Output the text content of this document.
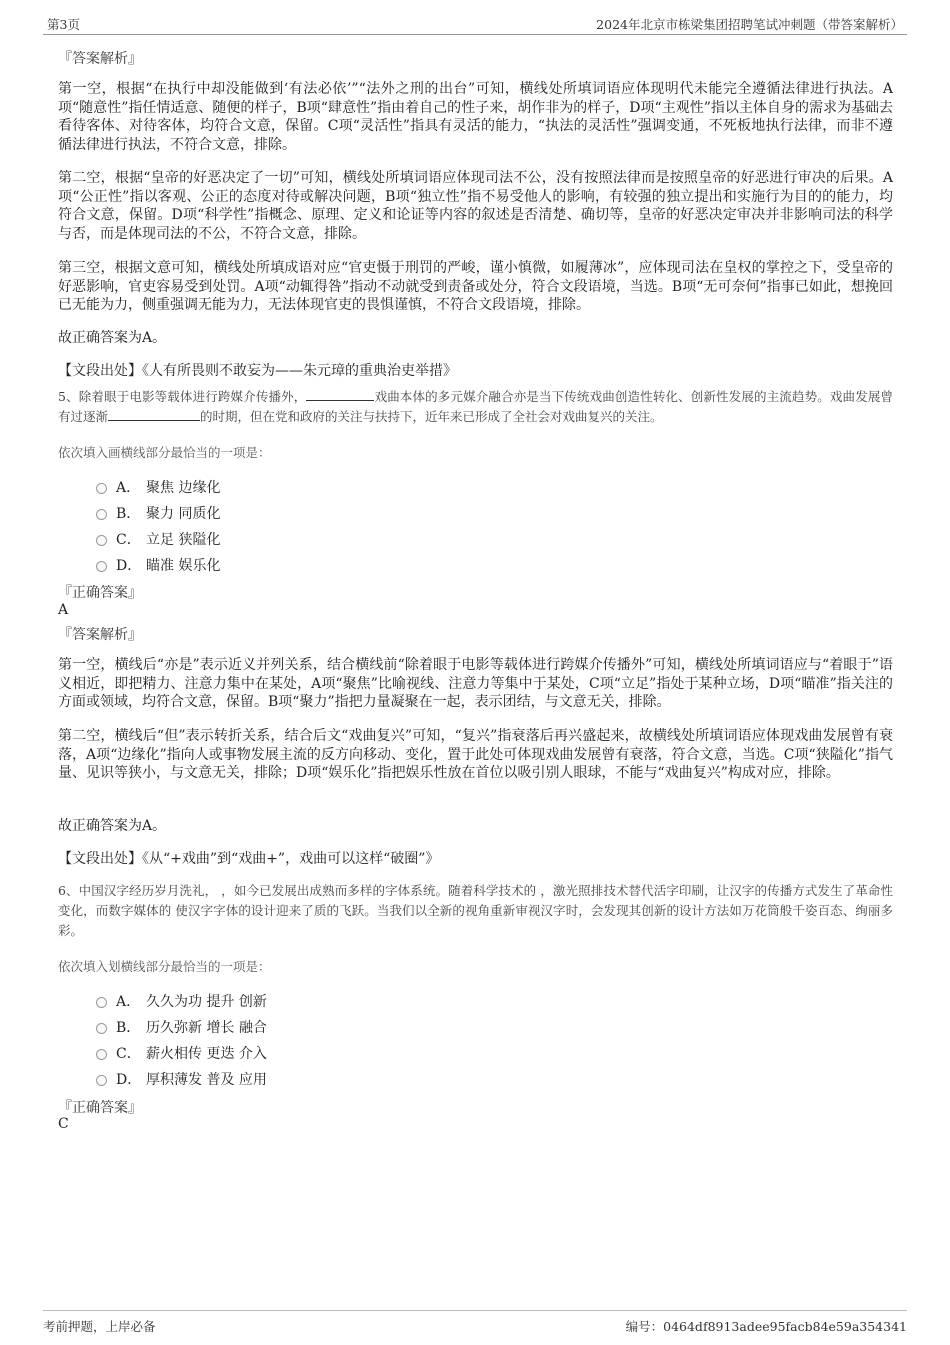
第3页	2024年北京市栋梁集团招聘笔试冲刺题（带答案解析）
『答案解析』
第一空，根据“在执行中却没能做到‘有法必依’”“法外之刑的出台”可知，横线处所填词语应体现明代未能完全遵循法律进行执法。A项“随意性”指任情适意、随便的样子，B项“肆意性”指由着自己的性子来，胡作非为的样子，D项“主观性”指以主体自身的需求为基础去看待客体、对待客体，均符合文意，保留。C项“灵活性”指具有灵活的能力，“执法的灵活性”强调变通，不死板地执行法律，而非不遵循法律进行执法，不符合文意，排除。
第二空，根据“皇帝的好恶决定了一切”可知，横线处所填词语应体现司法不公，没有按照法律而是按照皇帝的好恶进行审决的后果。A项“公正性”指以客观、公正的态度对待或解决问题，B项“独立性”指不易受他人的影响，有较强的独立提出和实施行为目的的能力，均符合文意，保留。D项“科学性”指概念、原理、定义和论证等内容的叙述是否清楚、确切等，皇帝的好恶决定审决并非影响司法的科学与否，而是体现司法的不公，不符合文意，排除。
第三空，根据文意可知，横线处所填成语对应“官吏慑于刑罚的严峻，谨小慎微，如履薄冰”，应体现司法在皇权的掌控之下，受皇帝的好恶影响，官吏容易受到处罚。A项“动辄得咎”指动不动就受到责备或处分，符合文段语境，当选。B项“无可奈何”指事已如此，想挽回已无能为力，侧重强调无能为力，无法体现官吏的畏惧谨慎，不符合文段语境，排除。
故正确答案为A。
【文段出处】《人有所畏则不敢妄为——朱元璋的重典治吏举措》
5、除着眼于电影等载体进行跨媒介传播外，	戏曲本体的多元媒介融合亦是当下传统戏曲创造性转化、创新性发展的主流趋势。戏曲发展曾有过逐渐	的时期，但在党和政府的关注与扶持下，近年来已形成了全社会对戏曲复兴的关注。
依次填入画横线部分最恰当的一项是：
A． 聚焦 边缘化
B． 聚力 同质化
C． 立足 狭隘化
D． 瞄准 娱乐化
『正确答案』
A
『答案解析』
第一空，横线后“亦是”表示近义并列关系，结合横线前“除着眼于电影等载体进行跨媒介传播外”可知，横线处所填词语应与“着眼于”语义相近，即把精力、注意力集中在某处，A项“聚焦”比喻视线、注意力等集中于某处，C项“立足”指处于某种立场，D项“瞄准”指关注的方面或领域，均符合文意，保留。B项“聚力”指把力量凝聚在一起，表示团结，与文意无关，排除。
第二空，横线后“但”表示转折关系，结合后文“戏曲复兴”可知，“复兴”指衰落后再兴盛起来，故横线处所填词语应体现戏曲发展曾有衰落，A项“边缘化”指向人或事物发展主流的反方向移动、变化，置于此处可体现戏曲发展曾有衰落，符合文意，当选。C项“狭隘化”指气量、见识等狭小，与文意无关，排除；D项“娱乐化”指把娱乐性放在首位以吸引别人眼球，不能与“戏曲复兴”构成对应，排除。
故正确答案为A。
【文段出处】《从“+戏曲”到“戏曲+”，戏曲可以这样“破圈”》
6、中国汉字经历岁月洗礼， ，如今已发展出成熟而多样的字体系统。随着科学技术的 ，激光照排技术替代活字印刷，让汉字的传播方式发生了革命性变化，而数字媒体的 使汉字字体的设计迎来了质的飞跃。当我们以全新的视角重新审视汉字时，会发现其创新的设计方法如万花筒般千姿百态、绚丽多彩。
依次填入划横线部分最恰当的一项是：
A． 久久为功 提升 创新
B． 历久弥新 增长 融合
C． 薪火相传 更迭 介入
D． 厚积薄发 普及 应用
『正确答案』
C
考前押题，上岸必备	编号：0464df8913adee95facb84e59a354341
